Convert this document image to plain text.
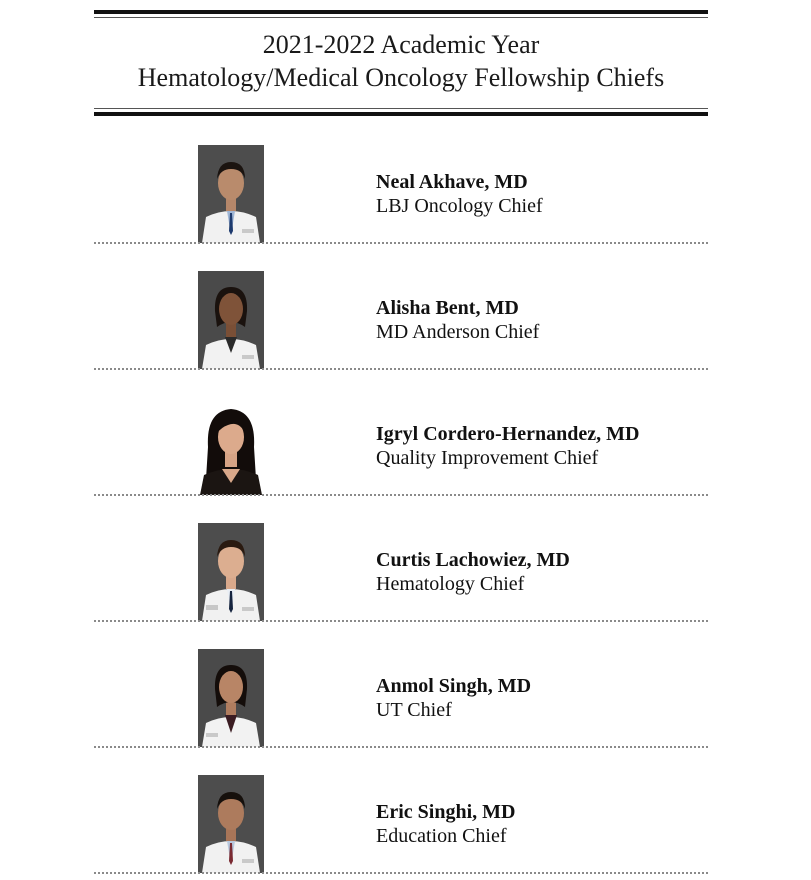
2021-2022 Academic Year
Hematology/Medical Oncology Fellowship Chiefs
Neal Akhave, MD
LBJ Oncology Chief
Alisha Bent, MD
MD Anderson Chief
Igryl Cordero-Hernandez, MD
Quality Improvement Chief
Curtis Lachowiez, MD
Hematology Chief
Anmol Singh, MD
UT Chief
Eric Singhi, MD
Education Chief
